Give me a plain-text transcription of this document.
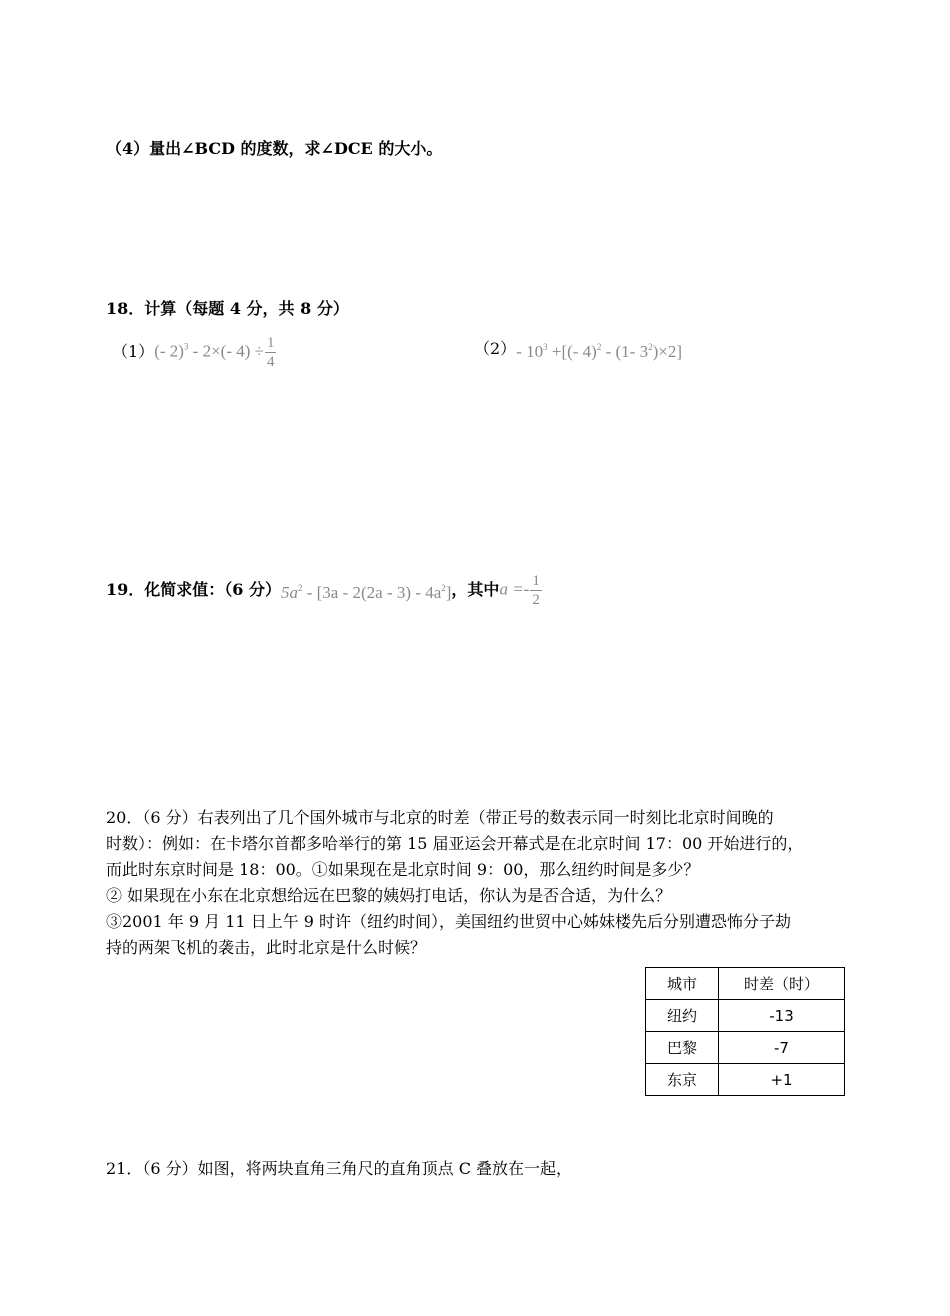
（4）量出∠BCD 的度数，求∠DCE 的大小。
18．计算（每题 4 分，共 8 分）
（1） (- 2)$^3$ - 2×(- $4) \div \frac{1}{4}$	$(2) - 10^3$ +[(- 4)$^2$ - (1- $3^2)\times 2$]
19．化简求值：（6 分） $5a^2 - [3a - 2(2a - 3) - 4a^2]$ ，其中 $a =- \frac{1}{2}$
20．（6 分）右表列出了几个国外城市与北京的时差（带正号的数表示同一时刻比北京时间晚的
时数）：例如：在卡塔尔首都多哈举行的第 15 届亚运会开幕式是在北京时间 17：00 开始进行的，
而此时东京时间是 18：00。①如果现在是北京时间 9：00，那么纽约时间是多少？
② 如果现在小东在北京想给远在巴黎的姨妈打电话，你认为是否合适，为什么？
③2001 年 9 月 11 日上午 9 时许（纽约时间），美国纽约世贸中心姊妹楼先后分别遭恐怖分子劫
持的两架飞机的袭击，此时北京是什么时候？
城市	时差（时）
纽约	-13
巴黎	-7
东京	+1
21．（6 分）如图，将两块直角三角尺的直角顶点 C 叠放在一起，
